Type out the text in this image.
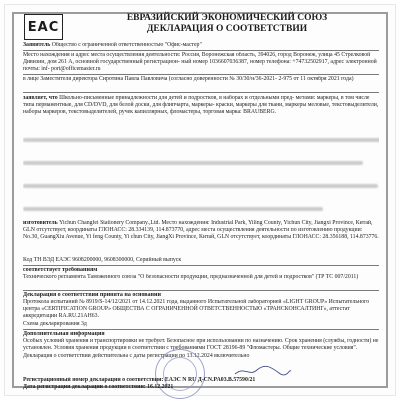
ЕАС
ЕВРАЗИЙСКИЙ ЭКОНОМИЧЕСКИЙ СОЮЗ
ДЕКЛАРАЦИЯ О СООТВЕТСТВИИ
Заявитель Общество с ограниченной ответственностью "Офис-мастер"
Место нахождения и адрес места осуществления деятельности: Россия, Воронежская область, 394026, город Воронеж, улица 45 Стрелковой Дивизии, дом 261 А, основной государственный регистрацион- ный номер 1036607036387, номер телефона: +74732502917, адрес электронной почты: inf- port@officemaster.ru
в лице Заместителя директора Сиротина Павла Павловича (согласно доверенности № 30/30/н/36-2021- 2-975 от 11 октября 2021 года)
заявляет, что Школьно-письменные принадлежности для детей и подростков, в наборах и отдельными пред- метами: маркеры, в том числе типа перманентные, для CD/DVD, для белой доски, для флипчарта, маркеры- краски, маркеры для ткани, маркеры меловые, текстовыделители, наборы маркеров, текстовыделителей, ручек капиллярных, фломастеры, торговая марка: BRAUBERG.
изготовитель Yichun Changfei Stationery Company.,Ltd. Место нахождения: Industrial Park, Yiling County, Yichun City, Jiangxi Province, Китай, GLN отсутствует, координаты ГЛОНАСС: 28.334139, 114.873770, адрес места осуществления деятельности по изготовлению продукции: No.30, GuangXiu Avenue, Yi feng County, Yi chun City, JiangXi Province, Китай, GLN отсутствует, координаты ГЛОНАСС: 28.356188, 114.873776.
Код ТН ВЭД ЕАЭС 9608200000, 9608300000, Серийный выпуск
соответствует требованиям
Технического регламента Таможенного союза "О безопасности продукции, предназначенной для детей и подростков" (ТР ТС 007/2011)
Декларация о соответствии принята на основании
Протокола испытаний № 8919/S-14/12/2021 от 14.12.2021 года, выданного Испытательной лабораторией «LIGHT GROUP» Испытательного центра «CERTIFICATION GROUP» ОБЩЕСТВА С ОГРАНИЧЕННОЙ ОТВЕТСТВЕННОСТЬЮ «ТРАНСКОНСАЛТИНГ», аттестат аккредитации RA.RU.21AH63.
Схема декларирования 3д
Дополнительная информация
Особых условий хранения и транспортировки не требует. Безопасное при использовании по назначению. Срок хранения (службы, годности) не установлен. Условия хранения продукции в соответствии с требованиями ГОСТ 28196-89 "Фломастеры. Общие технические условия".
Декларация о соответствии действительна с даты регистрации по 13.12.2024 включительно
Регистрационный номер декларации о соответствии: ЕАЭС N RU Д-CN.PA03.B.57590/21
Дата регистрации декларации о соответствии: 16.12.2021
